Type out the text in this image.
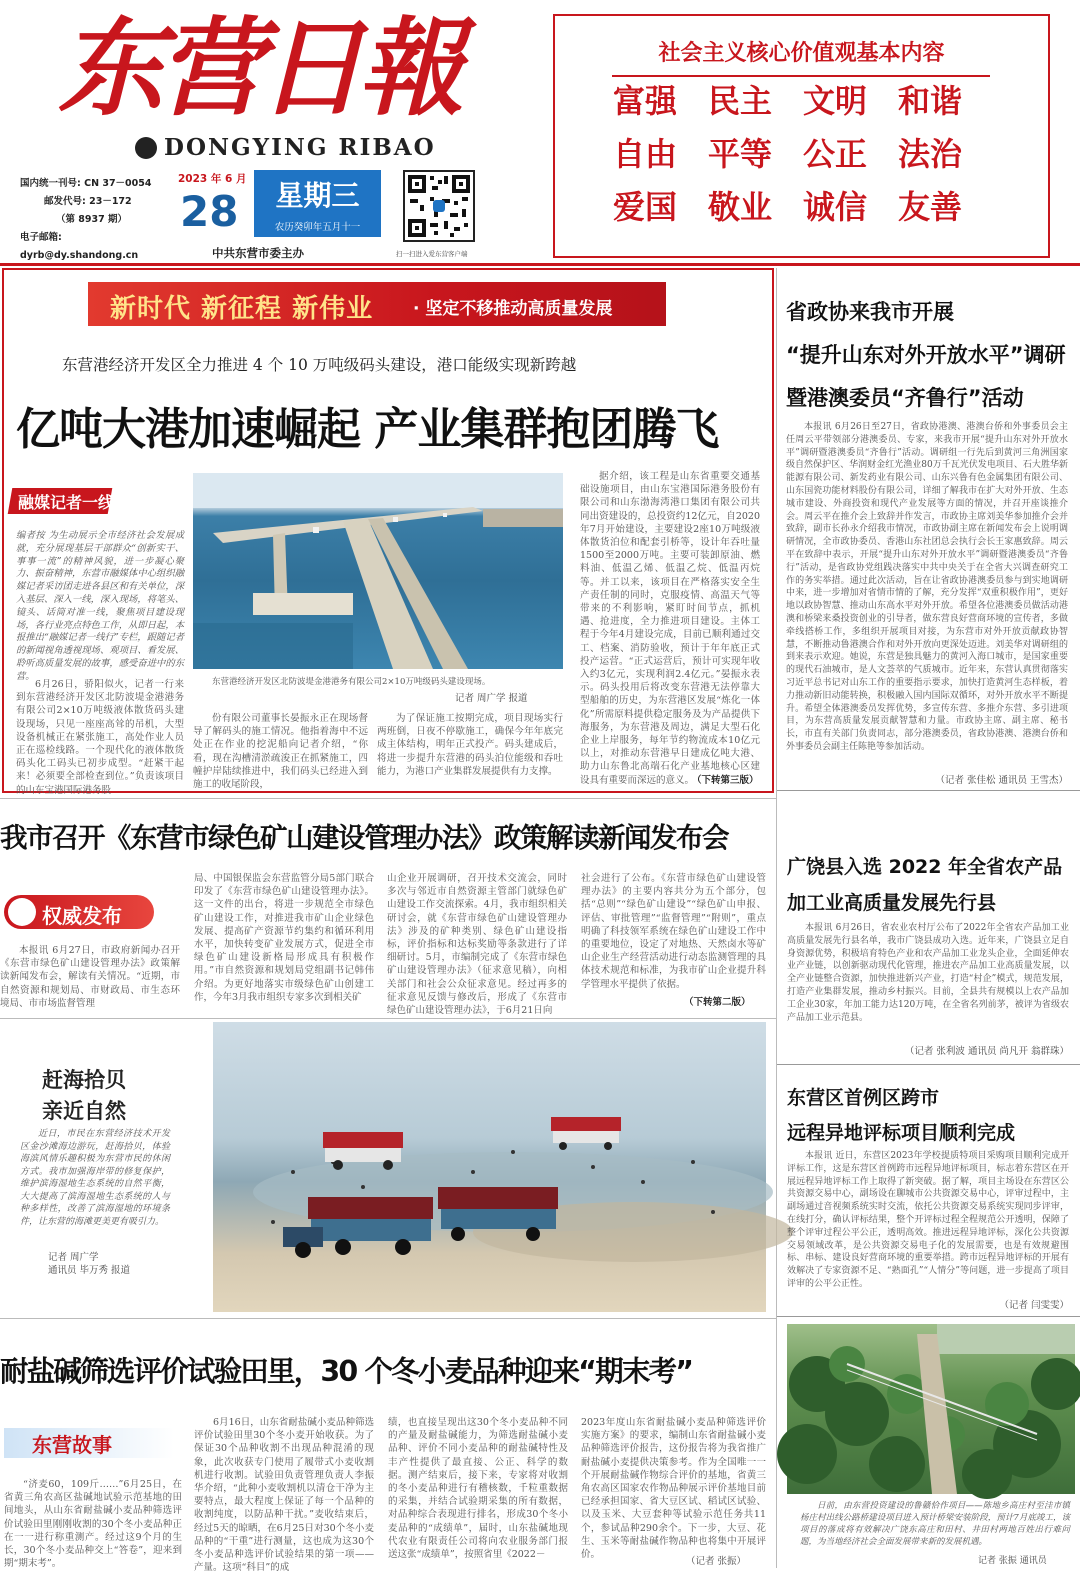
东营日報
DONGYING RIBAO
国内统一刊号: CN 37－0054
邮发代号: 23－172
（第 8937 期）
电子邮箱: dyrb@dy.shandong.cn
2023 年 6 月
28	星期三
农历癸卯年五月十一
中共东营市委主办	扫一扫进入爱东营客户端
社会主义核心价值观基本内容
富强 民主 文明 和谐
自由 平等 公正 法治
爱国 敬业 诚信 友善
新时代 新征程 新伟业 · 坚定不移推动高质量发展
东营港经济开发区全力推进 4 个 10 万吨级码头建设，港口能级实现新跨越
亿吨大港加速崛起 产业集群抱团腾飞
融媒记者一线行
编者按 为生动展示全市经济社会发展成就，充分展现基层干部群众“创新实干、事事一流”的精神风貌，进一步凝心聚力、振奋精神，东营市融媒体中心组织融媒记者采访团走进各县区和有关单位，深入基层、深入一线，深入现场，将笔头、镜头、话筒对准一线，聚焦项目建设现场，各行业亮点特色工作，从即日起，本报推出“融媒记者一线行”专栏，跟随记者的新闻视角透视现场、观项目、看发展、聆听高质量发展的故事，感受奋进中的东营。
6月26日，骄阳似火，记者一行来到东营港经济开发区北防波堤金港港务有限公司2×10万吨级液体散货码头建设现场，只见一座座高耸的吊机，大型设备机械正在紧张施工，高处作业人员正在巡检线路。一个现代化的液体散货码头化工码头已初步成型。“赶紧干起来！必须要全部检查到位。”负责该项目的山东宝港国际港务股
东营港经济开发区北防波堤金港港务有限公司2×10万吨级码头建设现场。
记者 周广学 报道
份有限公司董事长晏振永正在现场督导了解码头的施工情况。他指着海中不远处正在作业的挖泥船向记者介绍，“你看，现在沟槽清淤疏浚正在抓紧施工，四幢护岸陆续推进中，我们码头已经进入到施工的收尾阶段，
为了保证施工按期完成，项目现场实行两班倒，日夜不停歇施工，确保今年年底完成主体结构，明年正式投产。码头建成后，将进一步提升东营港的码头泊位能级和吞吐能力，为港口产业集群发展提供有力支撑。
据介绍，该工程是山东省重要交通基础设施项目，由山东宝港国际港务股份有限公司和山东渤海湾港口集团有限公司共同出资建设的，总投资约12亿元，自2020年7月开始建设，主要建设2座10万吨级液体散货泊位和配套引桥等，设计年吞吐量1500至2000万吨。主要可装卸原油、燃料油、低温乙烯、低温乙烷、低温丙烷等。并工以来，该项目在严格落实安全生产责任制的同时，克服疫情、高温天气等带来的不利影响，紧盯时间节点，抓机遇、抢进度，全力推进项目建设。主体工程于今年4月建设完成，目前已顺利通过交工、档案、消防验收，预计于年年底正式投产运营。“正式运营后，预计可实现年收入约3亿元，实现利润2.4亿元。”晏振永表示。码头投用后将改变东营港无法停靠大型船舶的历史，为东营港区发展“炼化一体化”所需原料提供稳定服务及为产品提供下海服务，为东营港及周边，满足大型石化企业上岸服务，每年节约物流成本10亿元以上，对推动东营港早日建成亿吨大港、助力山东鲁北高端石化产业基地核心区建设具有重要而深远的意义。
（下转第三版）
省政协来我市开展
“提升山东对外开放水平”调研
暨港澳委员“齐鲁行”活动
本报讯 6月26日至27日，省政协港澳、港澳台侨和外事委员会主任周云平带领部分港澳委员、专家，来我市开展“提升山东对外开放水平”调研暨港澳委员“齐鲁行”活动。调研组一行先后到黄河三角洲国家级自然保护区、华润财金红光渔业80万千瓦光伏发电项目、石大胜华新能源有限公司、新发药业有限公司、山东兴鲁有色金属集团有限公司、山东国瓷功能材料股份有限公司，详细了解我市在扩大对外开放、生态城市建设、外商投资和现代产业发展等方面的情况，并召开座谈推介会。周云平在推介会上致辞并作发言，市政协主席刘美华参加推介会并致辞，副市长孙永介绍我市情况，市政协副主席在新闻发布会上说明调研情况，全市政协委员、香港山东社团总会执行会长王家惠致辞。周云平在致辞中表示，开展“提升山东对外开放水平”调研暨港澳委员“齐鲁行”活动，是省政协党组践决落实中共中央关于在全省大兴调查研究工作的务实举措。通过此次活动，旨在让省政协港澳委员参与到实地调研中来，进一步增加对省情市情的了解，充分发挥“双重积极作用”，更好地以政协智慧、推动山东高水平对外开放。希望各位港澳委员做活动港澳和桥梁来桑投资创业的引导者，做东营良好营商环境的宣传者，多做牵线搭桥工作，多组织开展项目对接，为东营市对外开放贡献政协智慧，不断推动鲁港澳合作和对外开放向更深处迈进。刘美华对调研组的到来表示欢迎。她说，东营是独具魅力的黄河入海口城市，是国家重要的现代石油城市，是人文荟萃的气质城市。近年来，东营认真贯彻落实习近平总书记对山东工作的重要指示要求，加快打造黄河生态样板，着力推动新旧动能转换，积极融入国内国际双循环，对外开放水平不断提升。希望全体港澳委员发挥优势，多宣传东营、多推介东营、多引进项目，为东营高质量发展贡献智慧和力量。市政协主席、副主席、秘书长，市直有关部门负责同志，部分港澳委员，省政协港澳、港澳台侨和外事委员会副主任陈艳等参加活动。
（记者 张佳松 通讯员 王雪杰）
我市召开《东营市绿色矿山建设管理办法》政策解读新闻发布会
权威发布
本报讯 6月27日，市政府新闻办召开《东营市绿色矿山建设管理办法》政策解读新闻发布会，解读有关情况。“近期，市自然资源和规划局、市财政局、市生态环境局、市市场监督管理
局、中国银保监会东营监管分局5部门联合印发了《东营市绿色矿山建设管理办法》。这一文件的出台，将进一步规范全市绿色矿山建设工作，对推进我市矿山企业绿色发展、提高矿产资源节约集约和循环利用水平，加快转变矿业发展方式，促进全市绿色矿山建设新格局形成具有积极作用。”市自然资源和规划局党组副书记韩伟介绍。为更好地落实市级绿色矿山创建工作，今年3月我市组织专家多次到相关矿
山企业开展调研，召开技术交流会，同时多次与邻近市自然资源主管部门就绿色矿山建设工作交流探索。4月，我市组织相关研讨会，就《东营市绿色矿山建设管理办法》涉及的矿种类别、绿色矿山建设指标，评价指标和达标奖励等条款进行了详细研讨。5月，市编制完成了《东营市绿色矿山建设管理办法》（征求意见稿），向相关部门和社会公众征求意见。经过再多的征求意见反馈与修改后，形成了《东营市绿色矿山建设管理办法》，于6月21日向
社会进行了公布。《东营市绿色矿山建设管理办法》的主要内容共分为五个部分，包括“总则”“绿色矿山建设”“绿色矿山申报、评估、审批管理”“监督管理”“附则”，重点明确了科技领军系统在绿色矿山建设工作中的重要地位，设定了对地热、天然卤水等矿山企业生产经营活动进行动态监测管理的具体技术规范和标准，为我市矿山企业提升科学管理水平提供了依据。
（下转第二版）
赶海拾贝
亲近自然
近日，市民在东营经济技术开发区金沙滩海边游玩，赶海拾贝，体验海滨风情乐趣积极为东营市民的休闲方式。我市加强海岸带的修复保护，维护滨海湿地生态系统的自然平衡，大大提高了滨海湿地生态系统的人与种多样性，改善了滨海湿地的环境条件，让东营的海滩更美更有吸引力。
记者 周广学
通讯员 毕万秀 报道
广饶县入选 2022 年全省农产品
加工业高质量发展先行县
本报讯 6月26日，省农业农村厅公布了2022年全省农产品加工业高质量发展先行县名单，我市广饶县成功入选。近年来，广饶县立足自身资源优势，积极培育特色产业和农产品加工业龙头企业，全面延伸农业产业链，以创新驱动现代化管理，推进农产品加工业高质量发展，以全产业链整合资源，加快推进新兴产业，打造“村企”模式，规范发展，打造产业集群发展，推动乡村振兴。目前，全县共有规模以上农产品加工企业30家，年加工能力达120万吨，在全省名列前茅，被评为省级农产品加工业示范县。
（记者 张利波 通讯员 尚凡开 翁群珠）
东营区首例区跨市
远程异地评标项目顺利完成
本报讯 近日，东营区2023年学校提质特项目采购项目顺利完成开评标工作，这是东营区首例跨市远程异地评标项目，标志着东营区在开展远程异地评标工作上取得了新突破。据了解，项目主场设在东营区公共资源交易中心，副场设在聊城市公共资源交易中心，评审过程中，主副场通过音视频系统实时交流，依托公共资源交易系统实现同步评审，在线打分，确认评标结果，整个开评标过程全程规范公开透明，保障了整个评审过程公平公正，透明高效。推进远程异地评标，深化公共资源交易领域改革，是公共资源交易电子化的发展需要，也是有效规避围标、串标、建设良好营商环境的重要举措。跨市远程异地评标的开展有效解决了专家资源不足、“熟面孔”“人情分”等问题，进一步提高了项目评审的公平公正性。
（记者 闫雯雯）
日前，由东营投资建设的鲁赣恰作项目——陈地乡高庄村至洼市镇杨庄村出线公路桥建设项目进入预计桥梁安装阶段，预计7月底竣工，该项目的落成将有效解决广饶东高庄和田村、井田村两地百姓出行难问题，为当地经济社会全面发展带来新的发展机遇。
记者 张振 通讯员
耐盐碱筛选评价试验田里，30 个冬小麦品种迎来“期末考”
东营故事
“济麦60，109斤……”6月25日，在省黄三角农高区盐碱地试验示范基地的田间地头，从山东省耐盐碱小麦品种筛选评价试验田里刚刚收割的30个冬小麦品种正在一一进行称重测产。经过这9个月的生长，30个冬小麦品种交上“答卷”，迎来到期“期末考”。
6月16日，山东省耐盐碱小麦品种筛选评价试验田里30个冬小麦开始收获。为了保证30个品种收割不出现品种混淆的现象，此次收获专门使用了履带式小麦收割机进行收割。试验田负责管理负责人李振华介绍，“此种小麦收割机以清仓干净为主要特点，最大程度上保证了每一个品种的收割纯度，以防品种干扰。”麦收结束后，经过5天的晾晒，在6月25日对30个冬小麦品种的“干重”进行测量，这也成为这30个冬小麦品种选评价试验结果的第一项——产量。这项“科目”的成
绩，也直接呈现出这30个冬小麦品种不同的产量及耐盐碱能力，为筛选耐盐碱小麦品种、评价不同小麦品种的耐盐碱特性及丰产性提供了最直接、公正、科学的数据。测产结束后，接下来，专家将对收割的冬小麦品种进行有稽核数，千粒重数据的采集，并结合试验期采集的所有数据，对品种综合表现进行排名，形成30个冬小麦品种的“成绩单”，届时，山东盐碱地现代农业有限责任公司将向农业服务部门报送这张“成绩单”，按照省里《2022－
2023年度山东省耐盐碱小麦品种筛选评价实施方案》的要求，编制山东省耐盐碱小麦品种筛选评价报告，这份报告将为我省推广耐盐碱小麦提供决策参考。作为全国唯一一个开展耐盐碱作物综合评价的基地，省黄三角农高区国家农作物品种展示评价基地目前已经承担国家、省大豆区试、稻试区试验、以及玉米、大豆套种等试验示范任务共11个，参试品种290余个。下一步，大豆、花生、玉米等耐盐碱作物品种也将集中开展评价。
（记者 张振）
